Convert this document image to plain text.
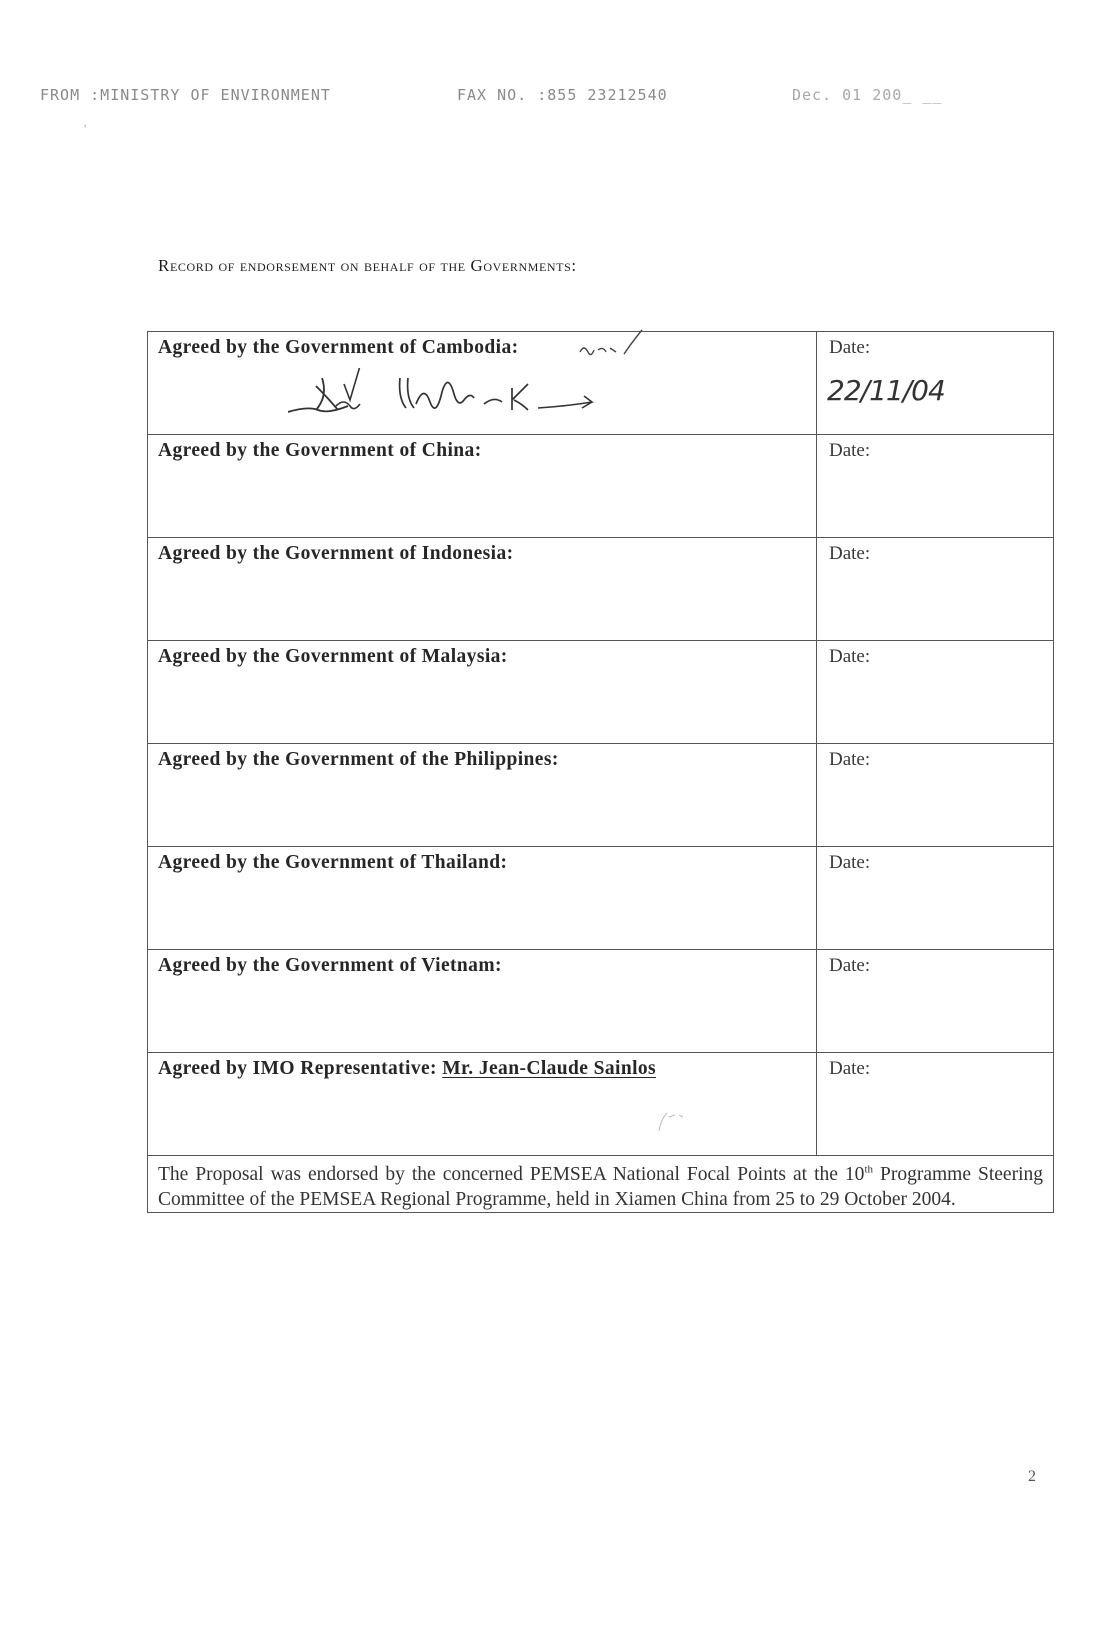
FROM :MINISTRY OF ENVIRONMENT	FAX NO. :855 23212540	Dec. 01 200_ __
,
Record of endorsement on behalf of the Governments:
Agreed by the Government of Cambodia:	Date:
22/11/04

Agreed by the Government of China:	Date:

Agreed by the Government of Indonesia:	Date:

Agreed by the Government of Malaysia:	Date:

Agreed by the Government of the Philippines:	Date:

Agreed by the Government of Thailand:	Date:

Agreed by the Government of Vietnam:	Date:

Agreed by IMO Representative: Mr. Jean-Claude Sainlos	Date:

The Proposal was endorsed by the concerned PEMSEA National Focal Points at the 10th Programme Steering Committee of the PEMSEA Regional Programme, held in Xiamen China from 25 to 29 October 2004.	
2
